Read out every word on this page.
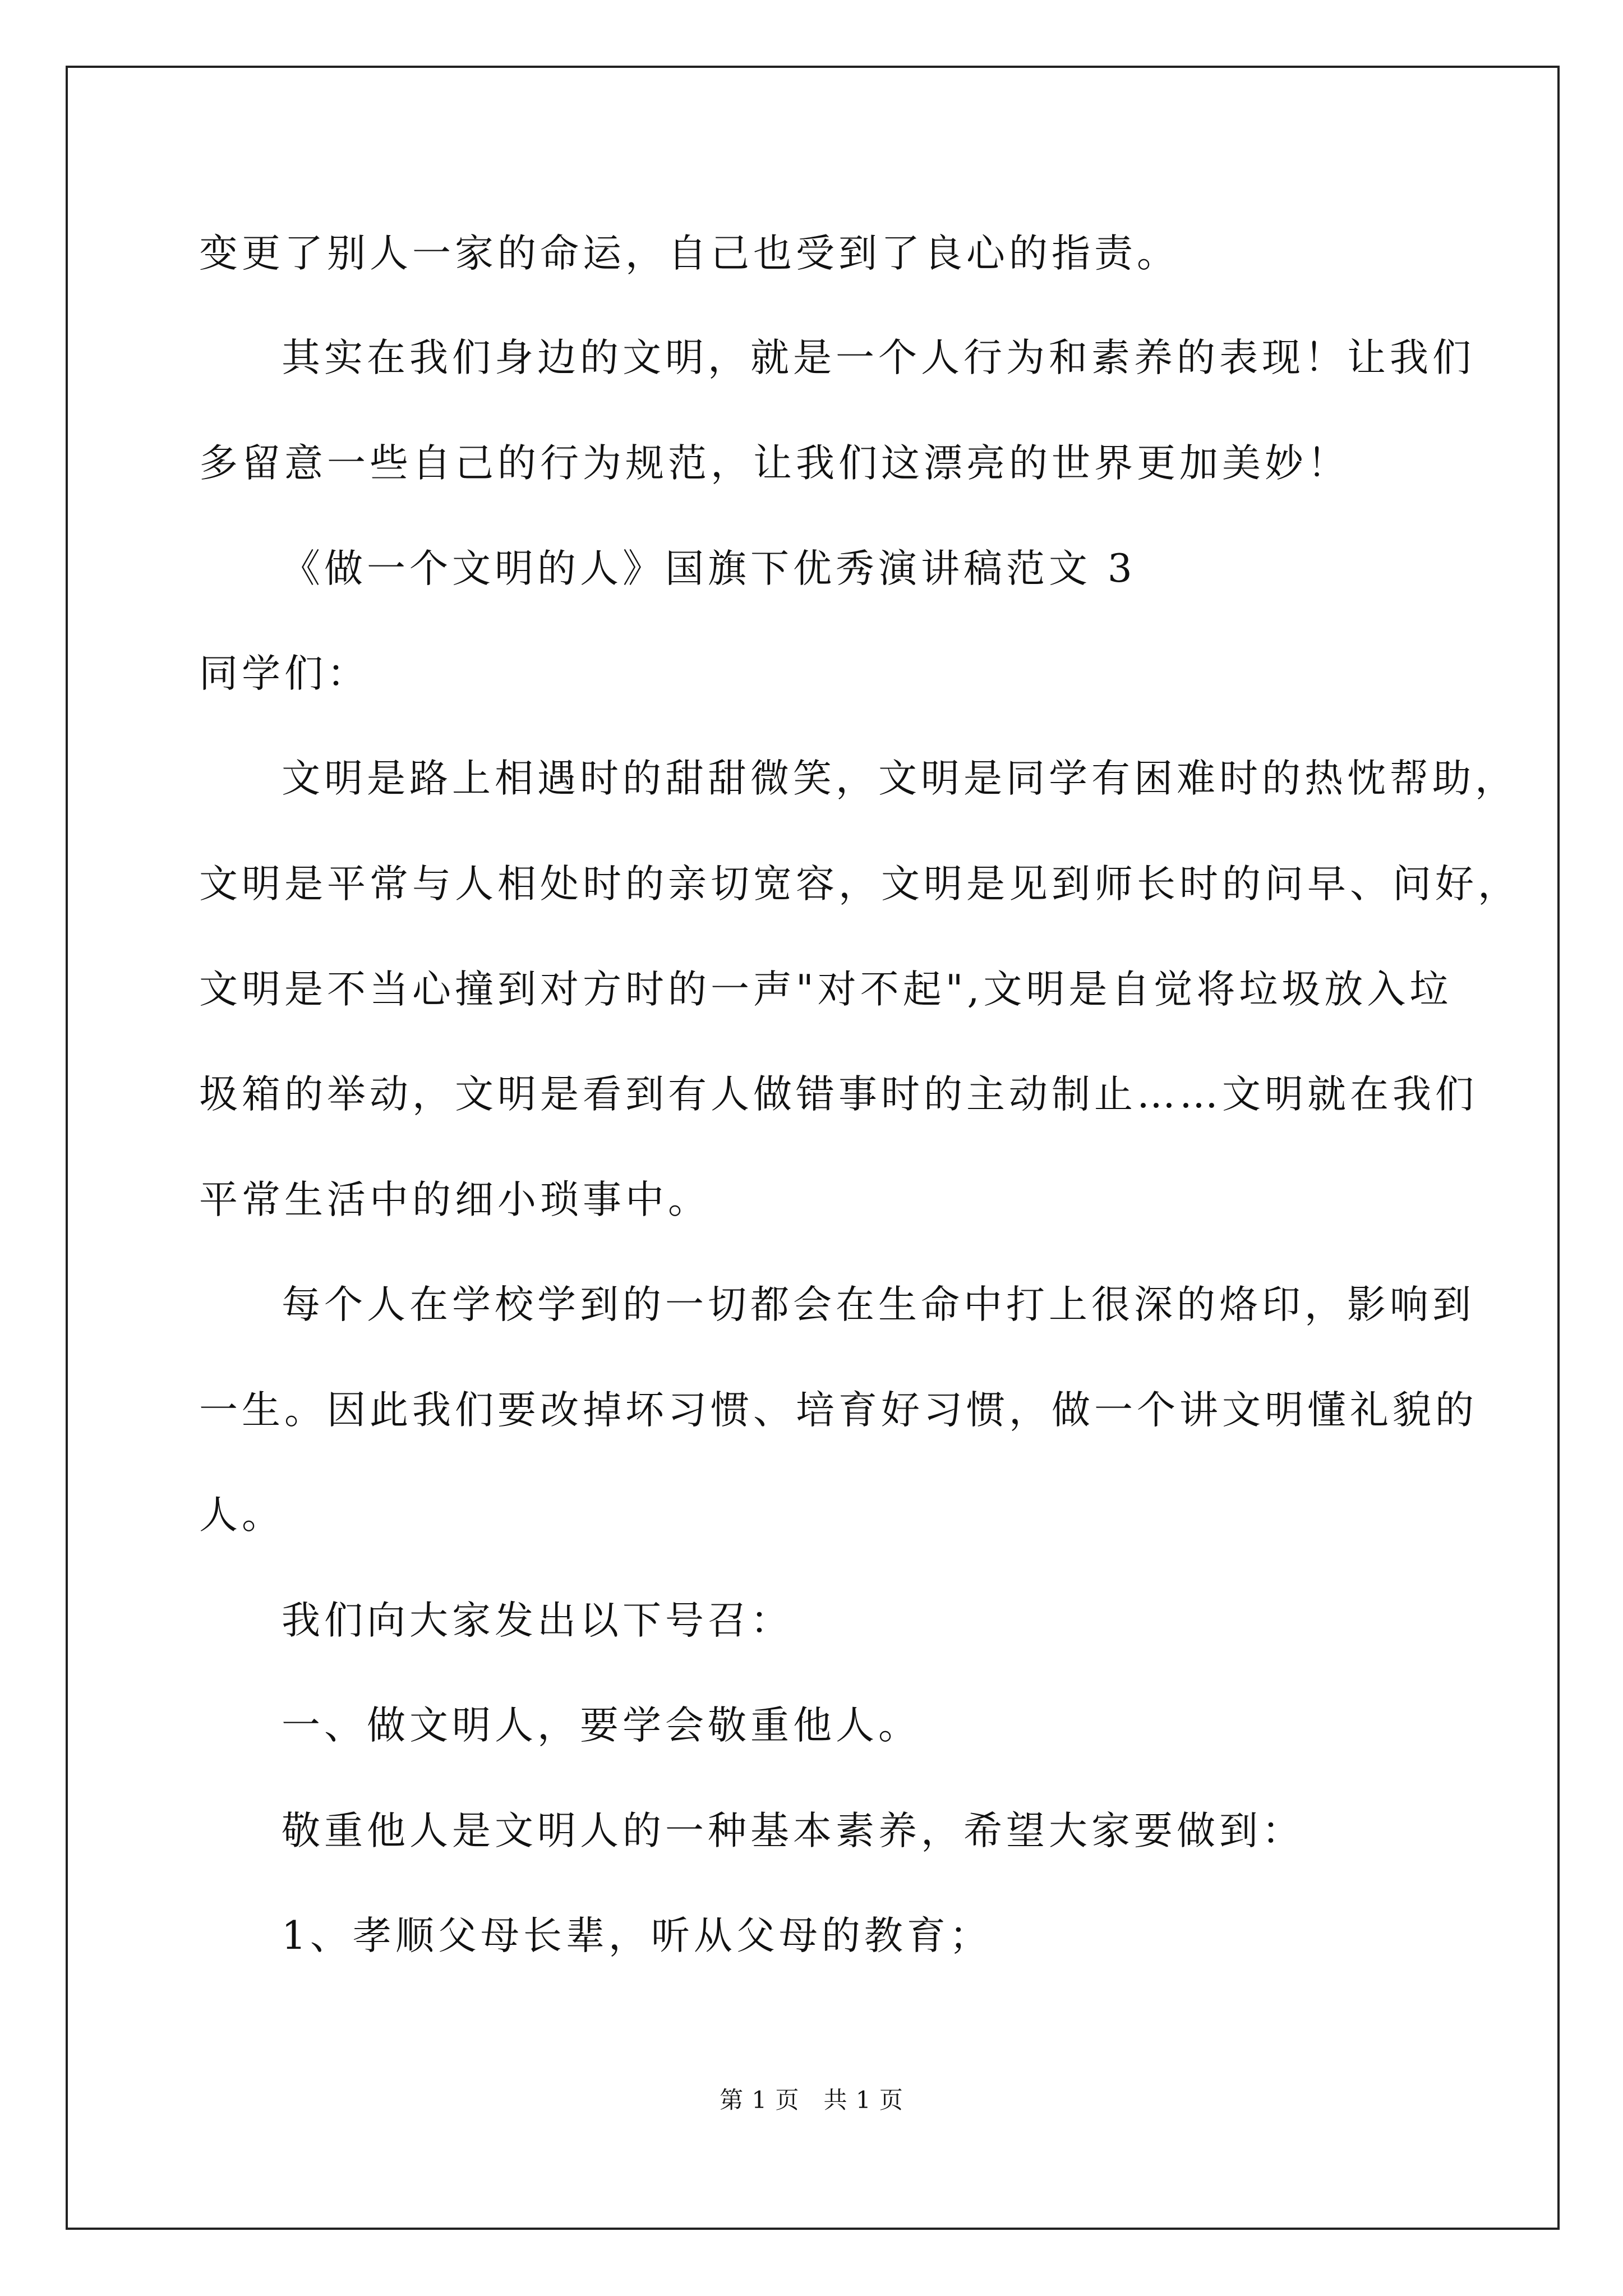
变更了别人一家的命运，自己也受到了良心的指责。
其实在我们身边的文明，就是一个人行为和素养的表现！让我们
多留意一些自己的行为规范，让我们这漂亮的世界更加美妙！
《做一个文明的人》国旗下优秀演讲稿范文 3
同学们：
文明是路上相遇时的甜甜微笑，文明是同学有困难时的热忱帮助，
文明是平常与人相处时的亲切宽容，文明是见到师长时的问早、问好，
文明是不当心撞到对方时的一声"对不起",文明是自觉将垃圾放入垃
圾箱的举动，文明是看到有人做错事时的主动制止……文明就在我们
平常生活中的细小琐事中。
每个人在学校学到的一切都会在生命中打上很深的烙印，影响到
一生。因此我们要改掉坏习惯、培育好习惯，做一个讲文明懂礼貌的
人。
我们向大家发出以下号召：
一、做文明人，要学会敬重他人。
敬重他人是文明人的一种基本素养，希望大家要做到：
1、孝顺父母长辈，听从父母的教育；
第 1 页　共 1 页
